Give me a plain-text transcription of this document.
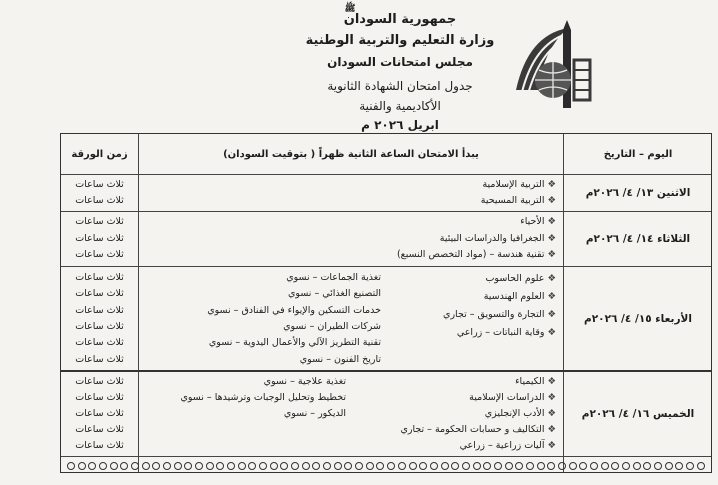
ﷺ
جمهورية السودان
وزارة التعليم والتربية الوطنية
مجلس امتحانات السودان
جدول امتحان الشهادة الثانوية
الأكاديمية والفنية
ابريل ٢٠٢٦ م
اليوم – التاريخ
يبدأ الامتحان الساعة الثانية ظهراً ( بتوقيت السودان)
زمن الورقة
الاثنين ١٣/ ٤/ ٢٠٢٦م
❖التربية الإسلامية
❖التربية المسيحية
ثلاث ساعات
ثلاث ساعات
الثلاثاء ١٤/ ٤/ ٢٠٢٦م
❖الأحياء
❖الجغرافيا والدراسات البيئية
❖تقنية هندسة – (مواد التخصص النسبع)
ثلاث ساعات
ثلاث ساعات
ثلاث ساعات
الأربعاء ١٥/ ٤/ ٢٠٢٦م
❖علوم الحاسوب
❖العلوم الهندسية
❖التجارة والتسويق – تجاري
❖وقاية النباتات – زراعي
تغذية الجماعات – نسوي
التصنيع الغذائي – نسوي
خدمات التسكين والإيواء في الفنادق – نسوي
شركات الطيران – نسوي
تقنية التطريز الآلي والأعمال اليدوية – نسوي
تاريخ الفنون – نسوي
ثلاث ساعات
ثلاث ساعات
ثلاث ساعات
ثلاث ساعات
ثلاث ساعات
ثلاث ساعات
الخميس ١٦/ ٤/ ٢٠٢٦م
❖الكيمياء
❖الدراسات الإسلامية
❖الأدب الإنجليزي
❖التكاليف و حسابات الحكومة – تجاري
❖آليات زراعية – زراعي
تغذية علاجية – نسوي
تخطيط وتحليل الوجبات وترشيدها – نسوي
الديكور – نسوي
ثلاث ساعات
ثلاث ساعات
ثلاث ساعات
ثلاث ساعات
ثلاث ساعات
